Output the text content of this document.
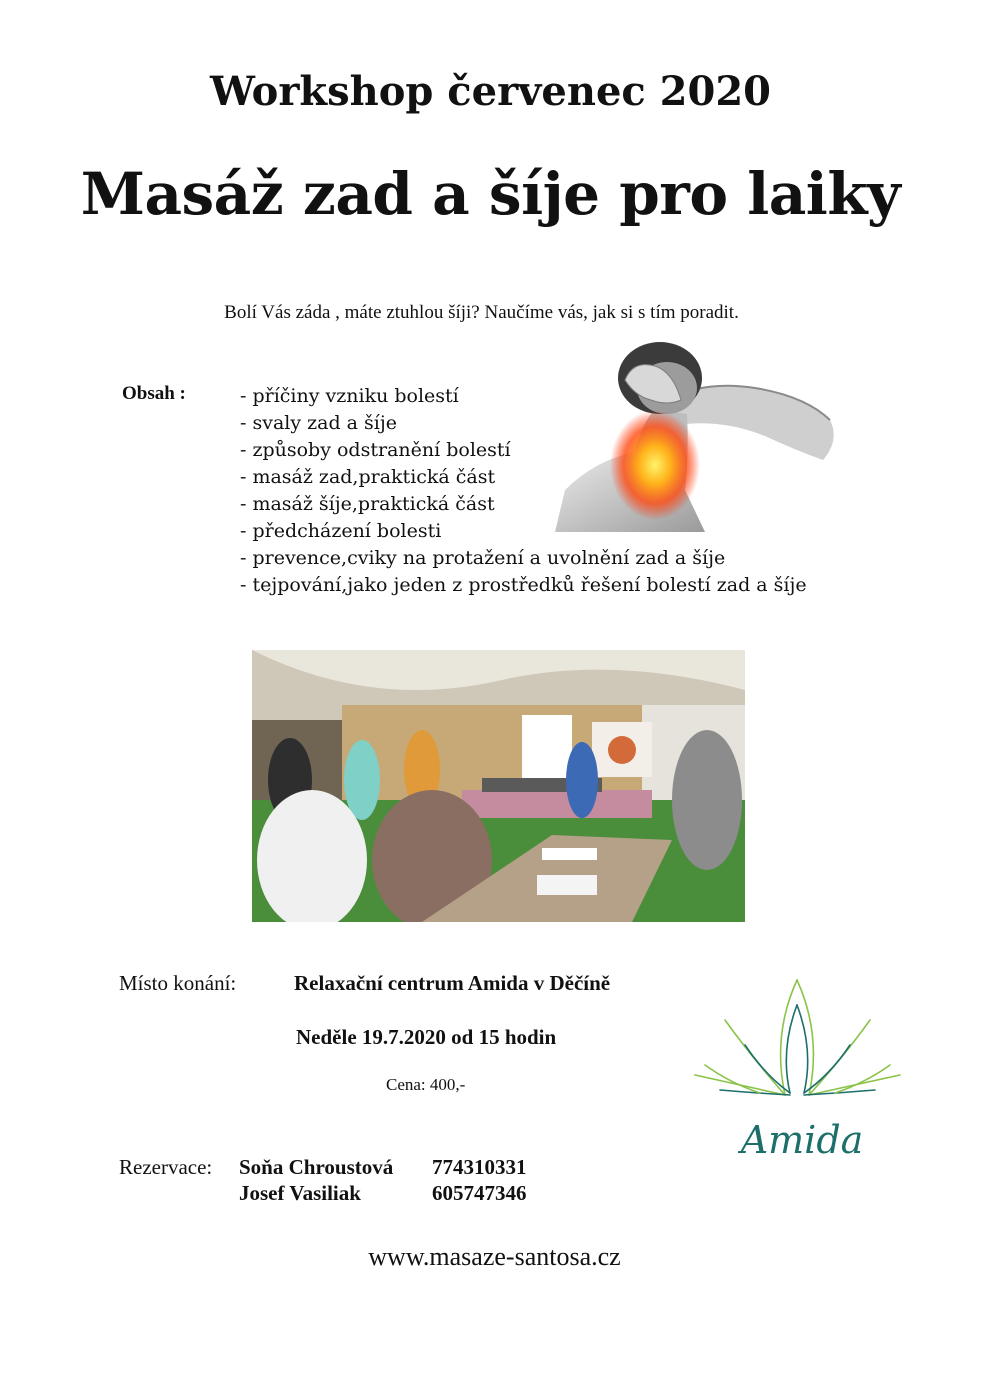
Workshop červenec 2020
Masáž zad a šíje pro laiky
Bolí Vás záda , máte ztuhlou šíji? Naučíme vás, jak si s tím poradit.
Obsah :	- příčiny vzniku bolestí
- svaly zad a šíje
- způsoby odstranění bolestí
- masáž zad,praktická část
- masáž šíje,praktická část
- předcházení bolesti
- prevence,cviky na protažení a uvolnění zad a šíje
- tejpování,jako jeden z prostředků řešení bolestí zad a šíje
Místo konání:	Relaxační centrum Amida v Děčíně
Neděle 19.7.2020 od 15 hodin
Cena: 400,-
Rezervace: Soňa Chroustová 774310331
Josef Vasiliak	605747346
www.masaze-santosa.cz
Amida
